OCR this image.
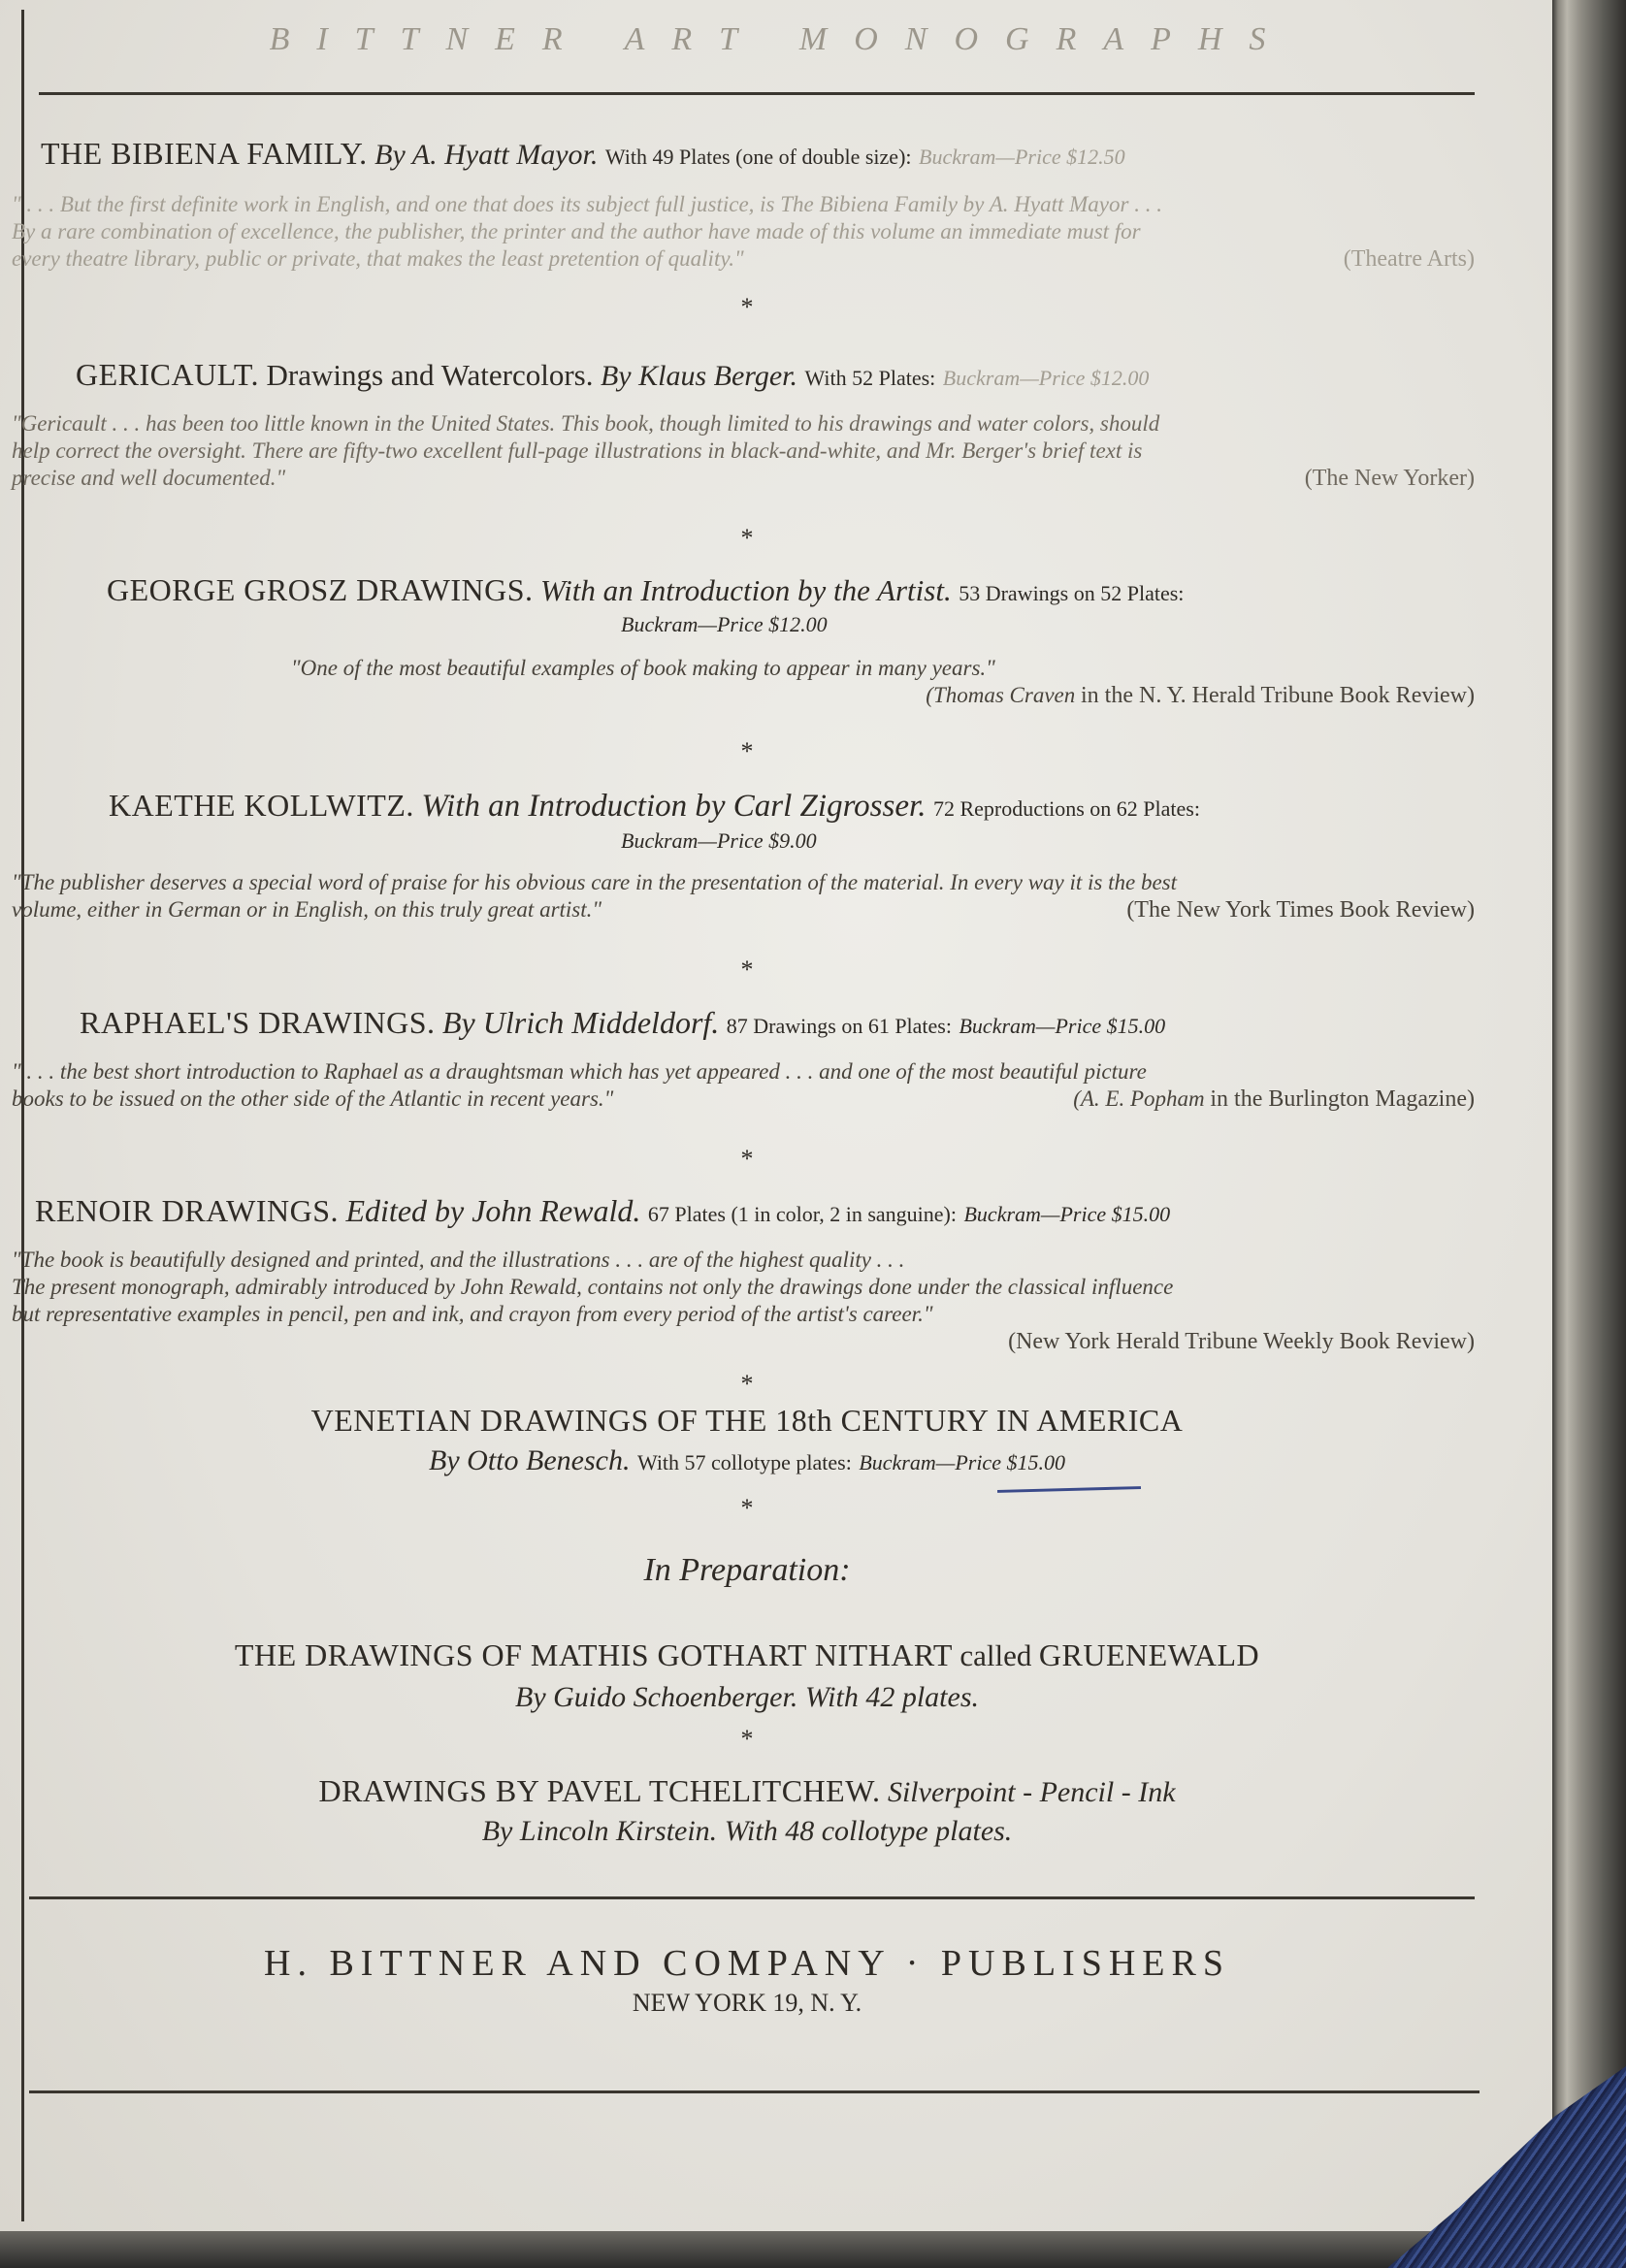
BITTNER ART MONOGRAPHS
THE BIBIENA FAMILY. By A. Hyatt Mayor. With 49 Plates (one of double size): Buckram—Price $12.50
" . . . But the first definite work in English, and one that does its subject full justice, is The Bibiena Family by A. Hyatt Mayor . . .
By a rare combination of excellence, the publisher, the printer and the author have made of this volume an immediate must for
every theatre library, public or private, that makes the least pretention of quality."	(Theatre Arts)
*
GERICAULT. Drawings and Watercolors. By Klaus Berger. With 52 Plates: Buckram—Price $12.00
"Gericault . . . has been too little known in the United States. This book, though limited to his drawings and water colors, should
help correct the oversight. There are fifty-two excellent full-page illustrations in black-and-white, and Mr. Berger's brief text is
precise and well documented."	(The New Yorker)
*
GEORGE GROSZ DRAWINGS. With an Introduction by the Artist. 53 Drawings on 52 Plates:
Buckram—Price $12.00
"One of the most beautiful examples of book making to appear in many years."
(Thomas Craven in the N. Y. Herald Tribune Book Review)
*
KAETHE KOLLWITZ. With an Introduction by Carl Zigrosser. 72 Reproductions on 62 Plates:
Buckram—Price $9.00
"The publisher deserves a special word of praise for his obvious care in the presentation of the material. In every way it is the best
volume, either in German or in English, on this truly great artist."	(The New York Times Book Review)
*
RAPHAEL'S DRAWINGS. By Ulrich Middeldorf. 87 Drawings on 61 Plates: Buckram—Price $15.00
" . . . the best short introduction to Raphael as a draughtsman which has yet appeared . . . and one of the most beautiful picture
books to be issued on the other side of the Atlantic in recent years."	(A. E. Popham in the Burlington Magazine)
*
RENOIR DRAWINGS. Edited by John Rewald. 67 Plates (1 in color, 2 in sanguine): Buckram—Price $15.00
"The book is beautifully designed and printed, and the illustrations . . . are of the highest quality . . .
The present monograph, admirably introduced by John Rewald, contains not only the drawings done under the classical influence
but representative examples in pencil, pen and ink, and crayon from every period of the artist's career."
(New York Herald Tribune Weekly Book Review)
*
VENETIAN DRAWINGS OF THE 18th CENTURY IN AMERICA
By Otto Benesch. With 57 collotype plates: Buckram—Price $15.00
*
In Preparation:
THE DRAWINGS OF MATHIS GOTHART NITHART called GRUENEWALD
By Guido Schoenberger. With 42 plates.
*
DRAWINGS BY PAVEL TCHELITCHEW. Silverpoint - Pencil - Ink
By Lincoln Kirstein. With 48 collotype plates.
H. BITTNER AND COMPANY · PUBLISHERS
NEW YORK 19, N. Y.
